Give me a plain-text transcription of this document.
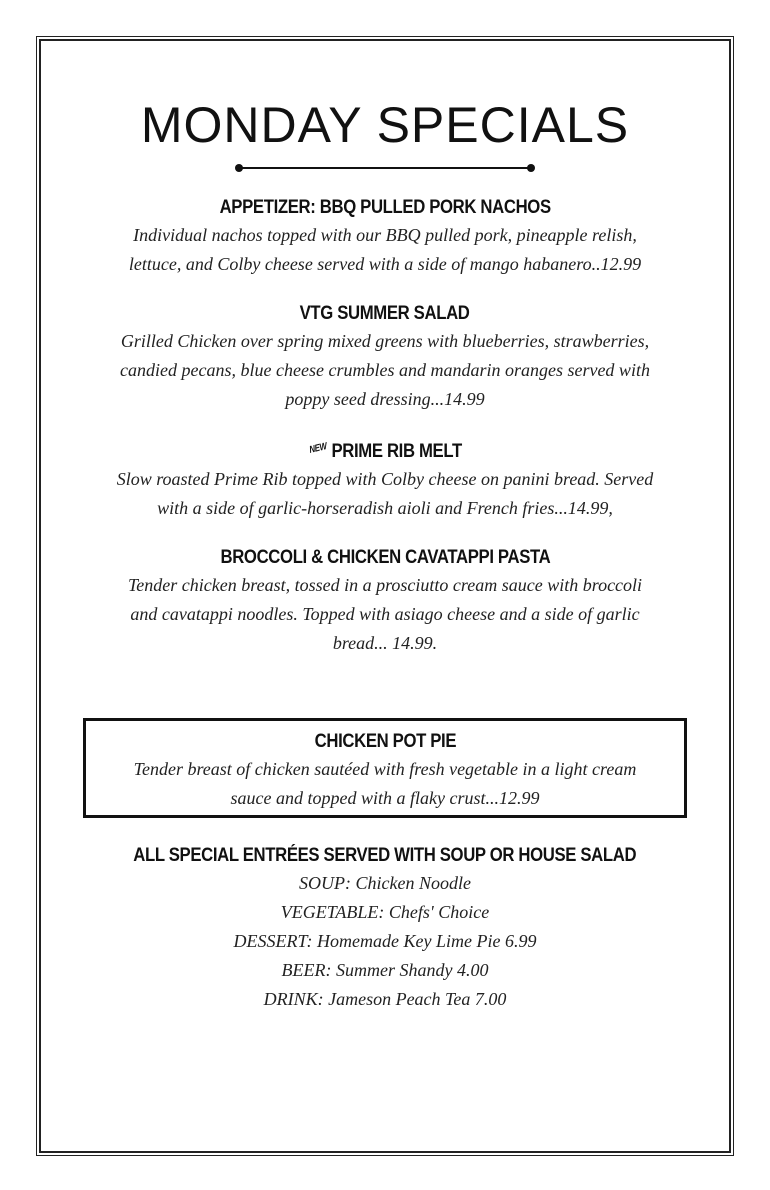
MONDAY SPECIALS
APPETIZER: BBQ PULLED PORK NACHOS

Individual nachos topped with our BBQ pulled pork, pineapple relish,

lettuce, and Colby cheese served with a side of mango habanero..12.99

VTG SUMMER SALAD

Grilled Chicken over spring mixed greens with blueberries, strawberries,

candied pecans, blue cheese crumbles and mandarin oranges served with

poppy seed dressing...14.99

NEW PRIME RIB MELT

Slow roasted Prime Rib topped with Colby cheese on panini bread. Served

with a side of garlic-horseradish aioli and French fries...14.99,

BROCCOLI & CHICKEN CAVATAPPI PASTA

Tender chicken breast, tossed in a prosciutto cream sauce with broccoli

and cavatappi noodles. Topped with asiago cheese and a side of garlic

bread... 14.99.

CHICKEN POT PIE

Tender breast of chicken sautéed with fresh vegetable in a light cream

sauce and topped with a flaky crust...12.99

ALL SPECIAL ENTRÉES SERVED WITH SOUP OR HOUSE SALAD

SOUP: Chicken Noodle

VEGETABLE: Chefs' Choice

DESSERT: Homemade Key Lime Pie 6.99

BEER: Summer Shandy 4.00

DRINK: Jameson Peach Tea 7.00
